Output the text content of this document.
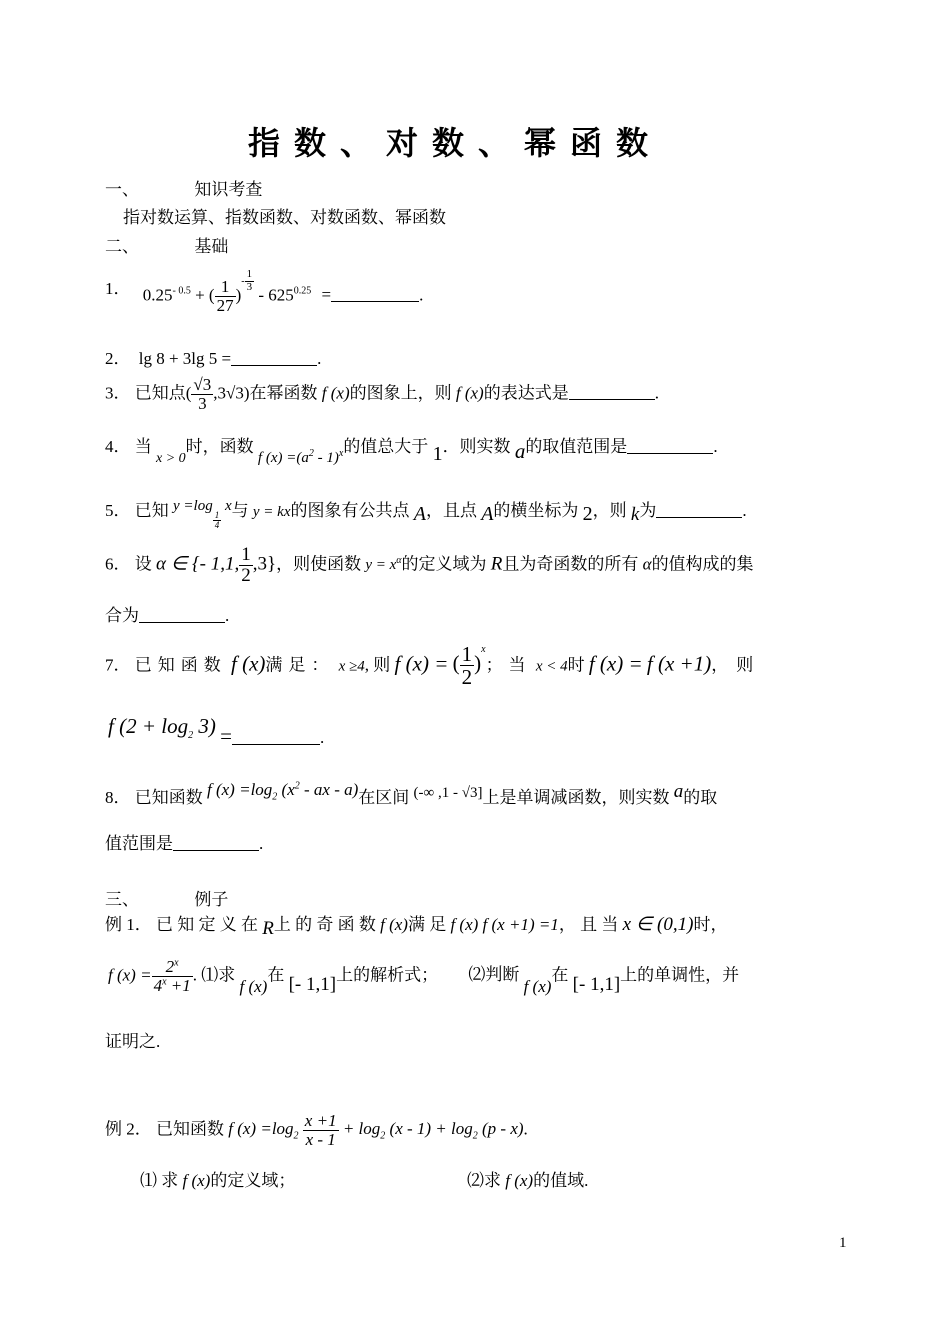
指数、对数、幂函数
一、	知识考查
指对数运算、指数函数、对数函数、幂函数
二、	基础
1． $0.25^{- 0.5}$ + ( $\frac{1}{27} )^{- \frac{1}{3}}$
- $625^{0.25}$ =	.
2． lg 8 + 3lg 5 =	.
3． 已知点( $\frac{√3}{3} ,3√3$)在幂函数 f (x)的图象上，则 f (x)的表达式是	.
4． 当 $_{x > 0}$时，函数 f $(x) =(a^2 - 1)^x$的值总大于 1．则实数 a的取值范围是	.
5． 已知 y =log
$\frac{1}{4}$
x与 y = kx的图象有公共点 A，且点 A的横坐标为 2，则 k为	.
6． 设 α ∈ {- 1,1, $\frac{1}{2} ,3$}，则使函数 $y = x^\alpha$的定义域为 R且为奇函数的所有 α的值构成的集
合为	.
7． 已知函数 f (x)满足： x ≥4, 则 f (x) = ( $\frac{1}{2} )^x$；当 x < 4时 f (x) = f (x +1)，则
f $(2 + \log_2 3)$ =	.
8． 已知函数 f $(x) =\log_2$ ($x^2$ - ax - a)在区间 (-∞ ,1 - √3]上是单调减函数，则实数 a的取
值范围是	.
三、	例子
例 1． 已 知 定 义 在 R上 的 奇 函 数 f (x)满 足 f (x) f (x +1) =1， 且 当 x ∈ (0,1)时，
f $(x) = \frac{2^x}{4^x +1}$ . ⑴求 f (x)在 [- 1,1]上的解析式； ⑵判断 f (x)在 [- 1,1]上的单调性，并
证明之.
例 2． 已知函数 f $(x) =\log_2 \frac{x +1}{x - 1} + \log_2 (x - 1) + \log_2 (p - x)$.
⑴ 求 f (x)的定义域；	⑵求 f (x)的值域.
1
